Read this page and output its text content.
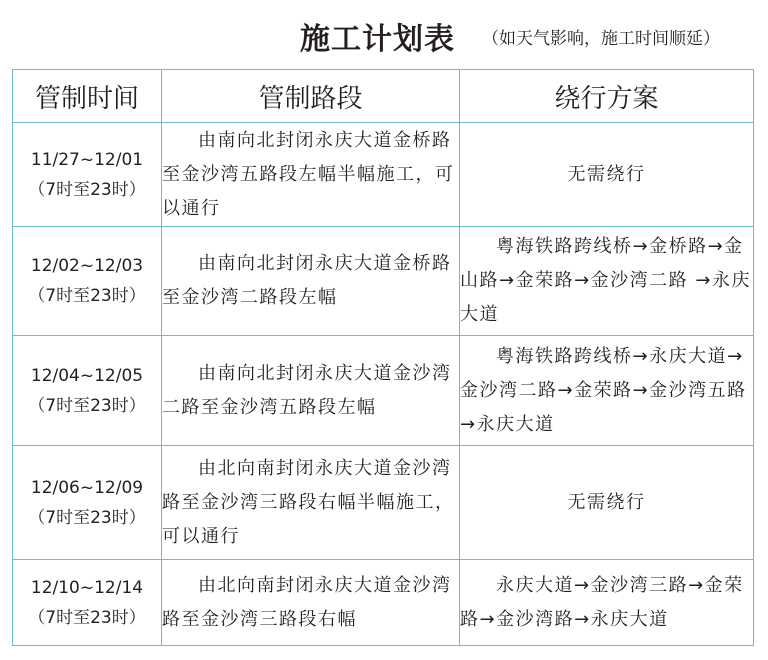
施工计划表 （如天气影响，施工时间顺延）
管制时间	管制路段	绕行方案

11/27~12/01
（7时至23时）	由南向北封闭永庆大道金桥路至金沙湾五路段左幅半幅施工，可以通行	无需绕行

12/02~12/03
（7时至23时）	由南向北封闭永庆大道金桥路至金沙湾二路段左幅	粤海铁路跨线桥→金桥路→金山路→金荣路→金沙湾二路 →永庆大道

12/04~12/05
（7时至23时）	由南向北封闭永庆大道金沙湾二路至金沙湾五路段左幅	粤海铁路跨线桥→永庆大道→金沙湾二路→金荣路→金沙湾五路 →永庆大道

12/06~12/09
（7时至23时）	由北向南封闭永庆大道金沙湾路至金沙湾三路段右幅半幅施工，可以通行	无需绕行

12/10~12/14
（7时至23时）	由北向南封闭永庆大道金沙湾路至金沙湾三路段右幅	永庆大道→金沙湾三路→金荣路→金沙湾路→永庆大道
